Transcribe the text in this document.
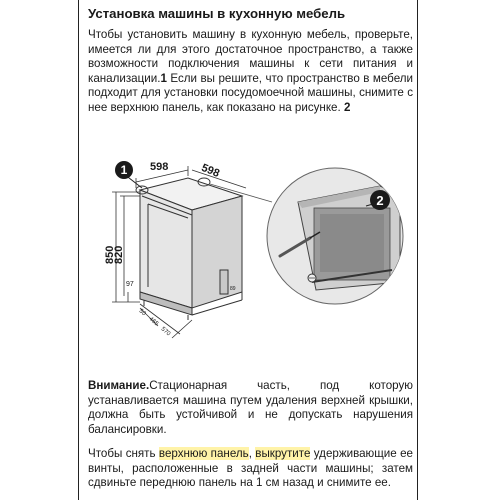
Установка машины в кухонную мебель
Чтобы установить машину в кухонную мебель, проверьте, имеется ли для этого достаточное пространство, а также возможности подключения машины к сети питания и канализации.1 Если вы решите, что пространство в мебели подходит для установки посудомоечной машины, снимите с нее верхнюю панель, как показано на рисунке. 2
598	598
850
820
97
89
50
465
570
1
2
Внимание.Стационарная часть, под которую устанавливается машина путем удаления верхней крышки, должна быть устойчивой и не допускать нарушения балансировки.
Чтобы снять верхнюю панель, выкрутите удерживающие ее винты, расположенные в задней части машины; затем сдвиньте переднюю панель на 1 см назад и снимите ее.
